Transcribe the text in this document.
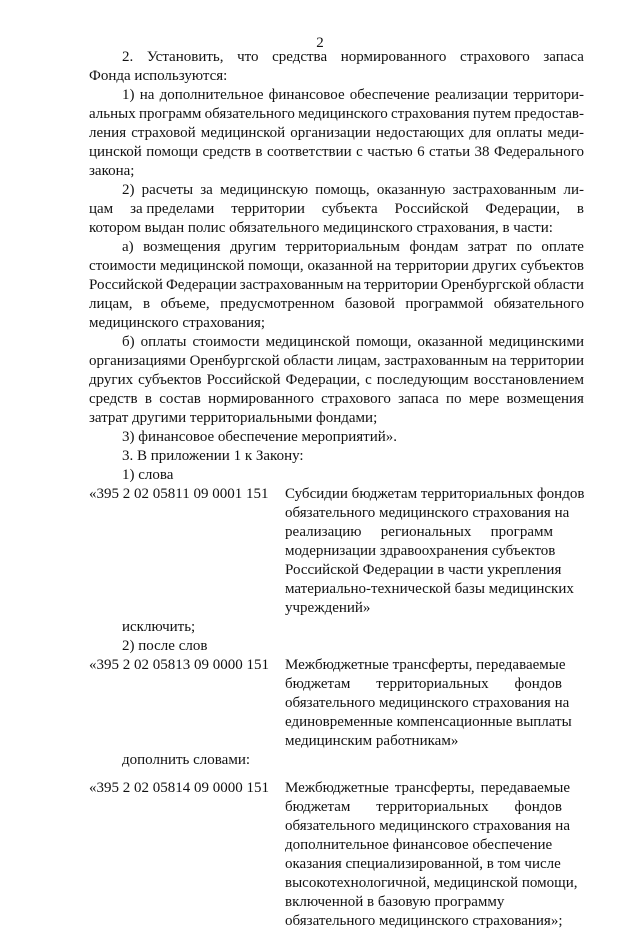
2
2. Установить, что средства нормированного страхового запаса
Фонда используются:
1) на дополнительное финансовое обеспечение реализации территори-
альных программ обязательного медицинского страхования путем предостав-
ления страховой медицинской организации недостающих для оплаты меди-
цинской помощи средств в соответствии с частью 6 статьи 38 Федерального
закона;
2) расчеты за медицинскую помощь, оказанную застрахованным ли-
цам за пределами территории субъекта Российской Федерации, в
котором выдан полис обязательного медицинского страхования, в части:
а) возмещения другим территориальным фондам затрат по оплате
стоимости медицинской помощи, оказанной на территории других субъектов
Российской Федерации застрахованным на территории Оренбургской области
лицам, в объеме, предусмотренном базовой программой обязательного
медицинского страхования;
б) оплаты стоимости медицинской помощи, оказанной медицинскими
организациями Оренбургской области лицам, застрахованным на территории
других субъектов Российской Федерации, с последующим восстановлением
средств в состав нормированного страхового запаса по мере возмещения
затрат другими территориальными фондами;
3) финансовое обеспечение мероприятий».
3. В приложении 1 к Закону:
1) слова
«395 2 02 05811 09 0001 151 Субсидии бюджетам территориальных фондов
обязательного медицинского страхования на
реализацию региональных программ
модернизации здравоохранения субъектов
Российской Федерации в части укрепления
материально-технической базы медицинских
учреждений»
исключить;
2) после слов
«395 2 02 05813 09 0000 151 Межбюджетные трансферты, передаваемые
бюджетам территориальных фондов
обязательного медицинского страхования на
единовременные компенсационные выплаты
медицинским работникам»
дополнить словами:
«395 2 02 05814 09 0000 151 Межбюджетные трансферты, передаваемые
бюджетам территориальных фондов
обязательного медицинского страхования на
дополнительное финансовое обеспечение
оказания специализированной, в том числе
высокотехнологичной, медицинской помощи,
включенной в базовую программу
обязательного медицинского страхования»;
